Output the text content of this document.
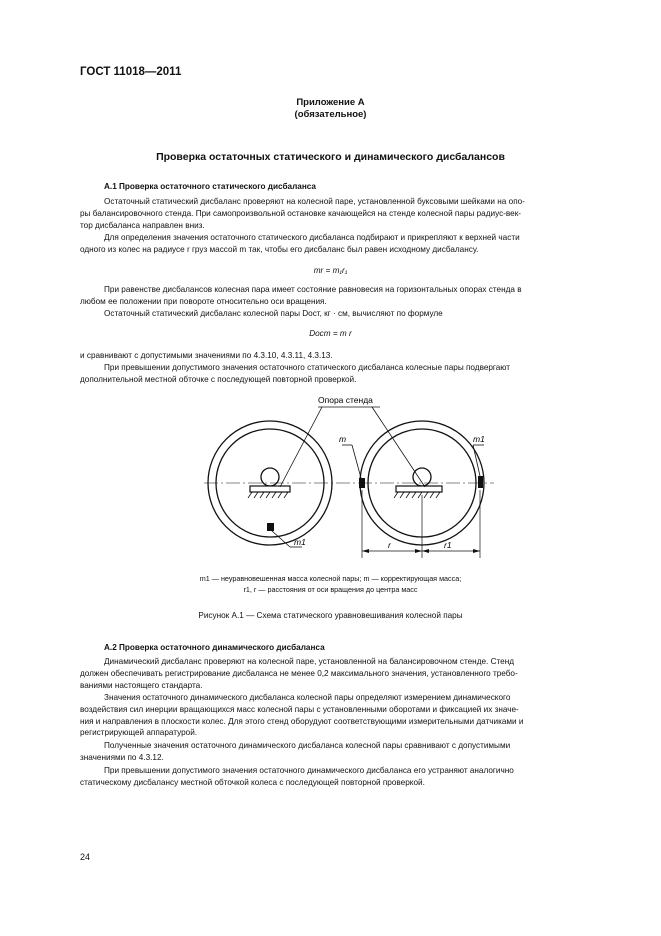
ГОСТ 11018—2011
Приложение А
(обязательное)
Проверка остаточных статического и динамического дисбалансов
А.1 Проверка остаточного статического дисбаланса
Остаточный статический дисбаланс проверяют на колесной паре, установленной буксовыми шейками на опо-
ры балансировочного стенда. При самопроизвольной остановке качающейся на стенде колесной пары радиус-век-
тор дисбаланса направлен вниз.
Для определения значения остаточного статического дисбаланса подбирают и прикрепляют к верхней части
одного из колес на радиусе r груз массой m так, чтобы его дисбаланс был равен исходному дисбалансу.
mr = m₁r₁
При равенстве дисбалансов колесная пара имеет состояние равновесия на горизонтальных опорах стенда в
любом ее положении при повороте относительно оси вращения.
Остаточный статический дисбаланс колесной пары Dост, кг · см, вычисляют по формуле
Dост = m r
и сравнивают с допустимыми значениями по 4.3.10, 4.3.11, 4.3.13.
При превышении допустимого значения остаточного статического дисбаланса колесные пары подвергают
дополнительной местной обточке с последующей повторной проверкой.
Опора стенда
m	m1
m1	r	r1
m1 — неуравновешенная масса колесной пары; m — корректирующая масса;
r1, r — расстояния от оси вращения до центра масс
Рисунок А.1 — Схема статического уравновешивания колесной пары
А.2 Проверка остаточного динамического дисбаланса
Динамический дисбаланс проверяют на колесной паре, установленной на балансировочном стенде. Стенд
должен обеспечивать регистрирование дисбаланса не менее 0,2 максимального значения, установленного требо-
ваниями настоящего стандарта.
Значения остаточного динамического дисбаланса колесной пары определяют измерением динамического
воздействия сил инерции вращающихся масс колесной пары с установленными оборотами и фиксацией их значе-
ния и направления в плоскости колес. Для этого стенд оборудуют соответствующими измерительными датчиками и
регистрирующей аппаратурой.
Полученные значения остаточного динамического дисбаланса колесной пары сравнивают с допустимыми
значениями по 4.3.12.
При превышении допустимого значения остаточного динамического дисбаланса его устраняют аналогично
статическому дисбалансу местной обточкой колеса с последующей повторной проверкой.
24
